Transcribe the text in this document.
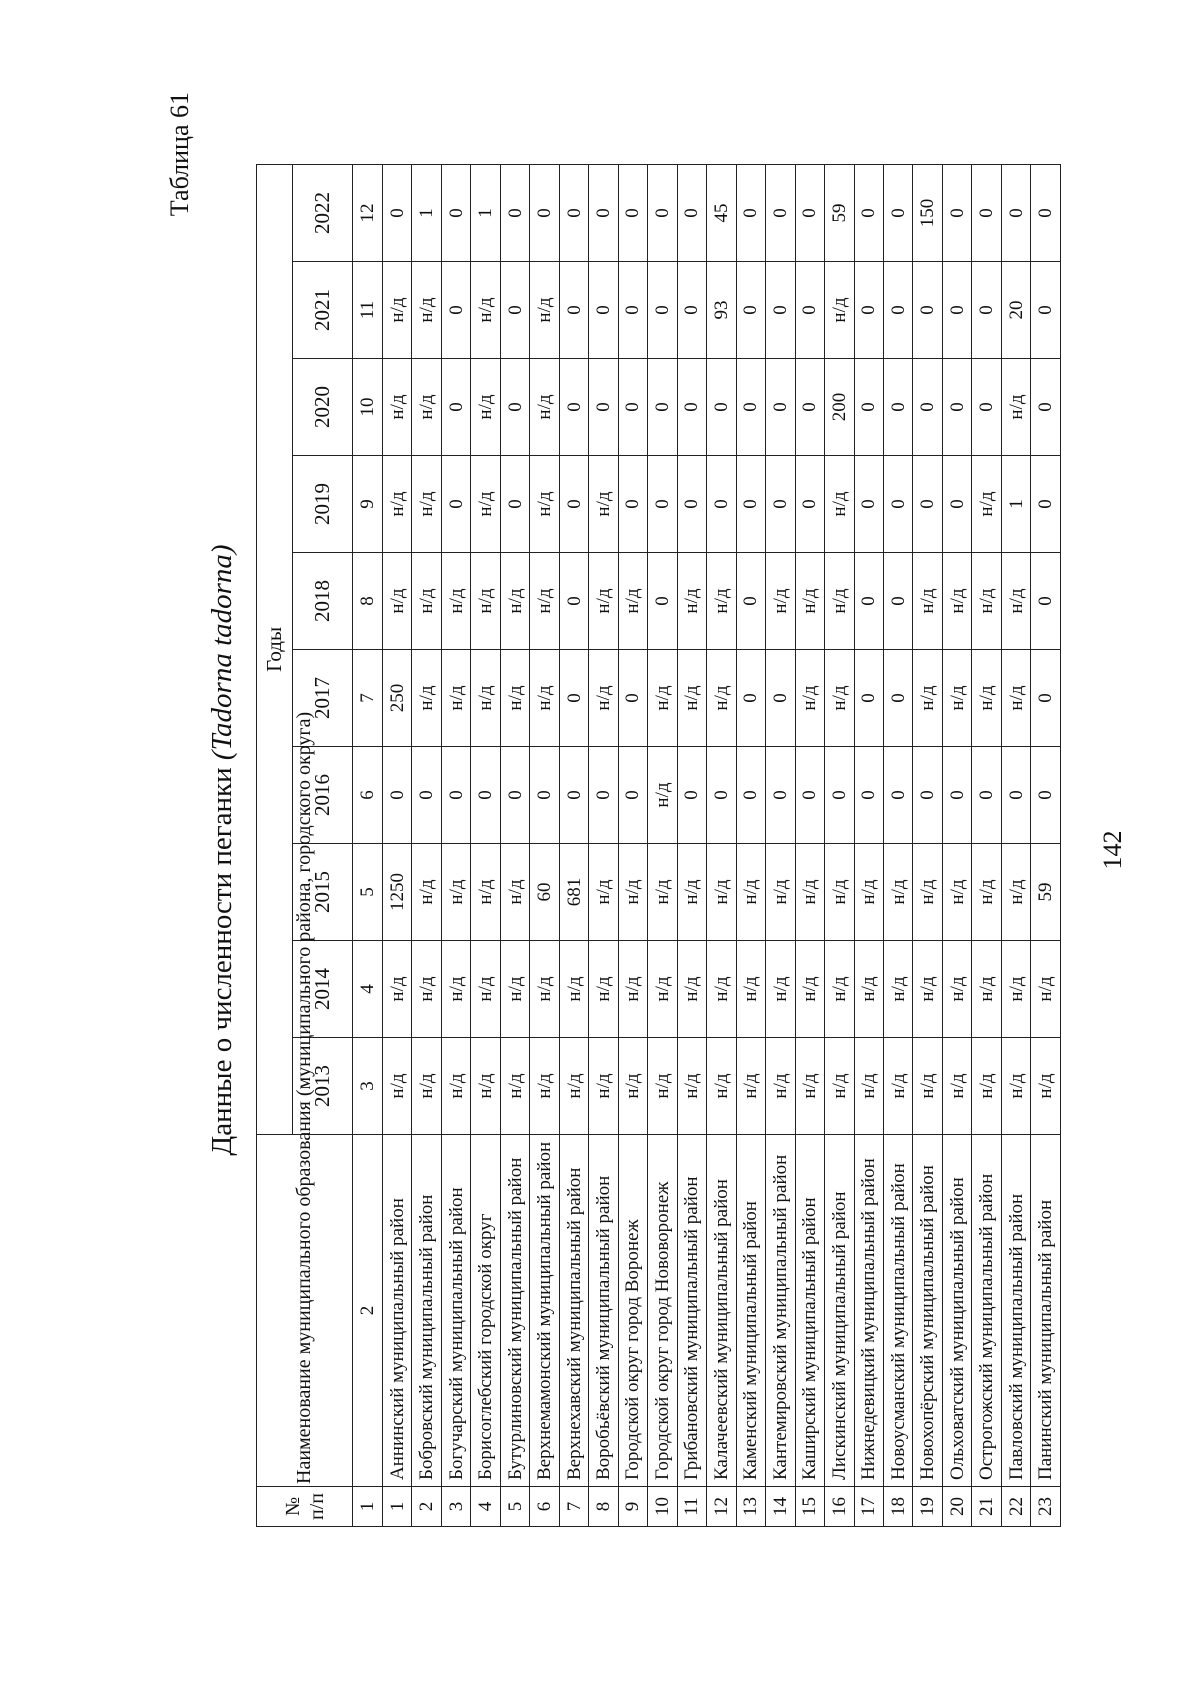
142
Таблица 61
Данные о численности пеганки (Tadorna tadorna)
№ п/п	Наименование муниципального образования (муниципального района, городского округа)	Годы									
		2013	2014	2015	2016	2017	2018	2019	2020	2021	2022
1	2	3	4	5	6	7	8	9	10	11	12
1	Аннинский муниципальный район	н/д	н/д	1250	0	250	н/д	н/д	н/д	н/д	0
2	Бобровский муниципальный район	н/д	н/д	н/д	0	н/д	н/д	н/д	н/д	н/д	1
3	Богучарский муниципальный район	н/д	н/д	н/д	0	н/д	н/д	0	0	0	0
4	Борисоглебский городской округ	н/д	н/д	н/д	0	н/д	н/д	н/д	н/д	н/д	1
5	Бутурлиновский муниципальный район	н/д	н/д	н/д	0	н/д	н/д	0	0	0	0
6	Верхнемамонский муниципальный район	н/д	н/д	60	0	н/д	н/д	н/д	н/д	н/д	0
7	Верхнехавский муниципальный район	н/д	н/д	681	0	0	0	0	0	0	0
8	Воробьёвский муниципальный район	н/д	н/д	н/д	0	н/д	н/д	н/д	0	0	0
9	Городской округ город Воронеж	н/д	н/д	н/д	0	0	н/д	0	0	0	0
10	Городской округ город Нововоронеж	н/д	н/д	н/д	н/д	н/д	0	0	0	0	0
11	Грибановский муниципальный район	н/д	н/д	н/д	0	н/д	н/д	0	0	0	0
12	Калачеевский муниципальный район	н/д	н/д	н/д	0	н/д	н/д	0	0	93	45
13	Каменский муниципальный район	н/д	н/д	н/д	0	0	0	0	0	0	0
14	Кантемировский муниципальный район	н/д	н/д	н/д	0	0	н/д	0	0	0	0
15	Каширский муниципальный район	н/д	н/д	н/д	0	н/д	н/д	0	0	0	0
16	Лискинский муниципальный район	н/д	н/д	н/д	0	н/д	н/д	н/д	200	н/д	59
17	Нижнедевицкий муниципальный район	н/д	н/д	н/д	0	0	0	0	0	0	0
18	Новоусманский муниципальный район	н/д	н/д	н/д	0	0	0	0	0	0	0
19	Новохопёрский муниципальный район	н/д	н/д	н/д	0	н/д	н/д	0	0	0	150
20	Ольховатский муниципальный район	н/д	н/д	н/д	0	н/д	н/д	0	0	0	0
21	Острогожский муниципальный район	н/д	н/д	н/д	0	н/д	н/д	н/д	0	0	0
22	Павловский муниципальный район	н/д	н/д	н/д	0	н/д	н/д	1	н/д	20	0
23	Панинский муниципальный район	н/д	н/д	59	0	0	0	0	0	0	0
